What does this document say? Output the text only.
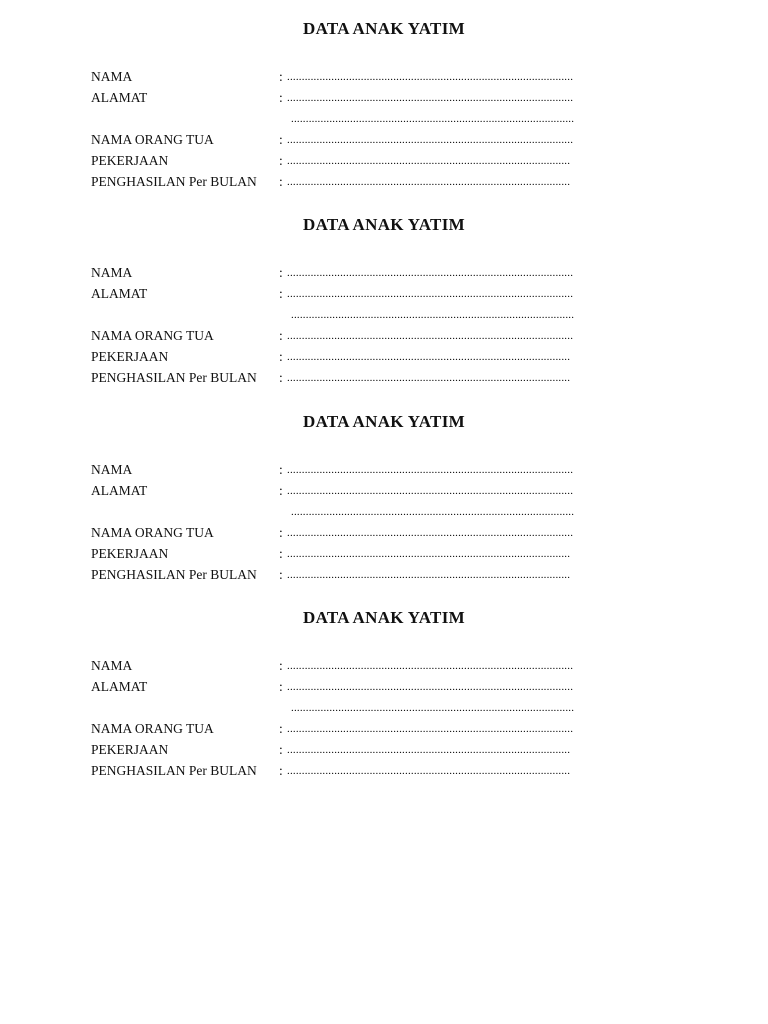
DATA ANAK YATIM
NAMA	: .................................................................................................
ALAMAT	: .................................................................................................
................................................................................................
NAMA ORANG TUA	: .................................................................................................
PEKERJAAN	: ................................................................................................
PENGHASILAN Per BULAN : ................................................................................................
DATA ANAK YATIM
NAMA	: .................................................................................................
ALAMAT	: .................................................................................................
................................................................................................
NAMA ORANG TUA	: .................................................................................................
PEKERJAAN	: ................................................................................................
PENGHASILAN Per BULAN : ................................................................................................
DATA ANAK YATIM
NAMA	: .................................................................................................
ALAMAT	: .................................................................................................
................................................................................................
NAMA ORANG TUA	: .................................................................................................
PEKERJAAN	: ................................................................................................
PENGHASILAN Per BULAN : ................................................................................................
DATA ANAK YATIM
NAMA	: .................................................................................................
ALAMAT	: .................................................................................................
................................................................................................
NAMA ORANG TUA	: .................................................................................................
PEKERJAAN	: ................................................................................................
PENGHASILAN Per BULAN : ................................................................................................
